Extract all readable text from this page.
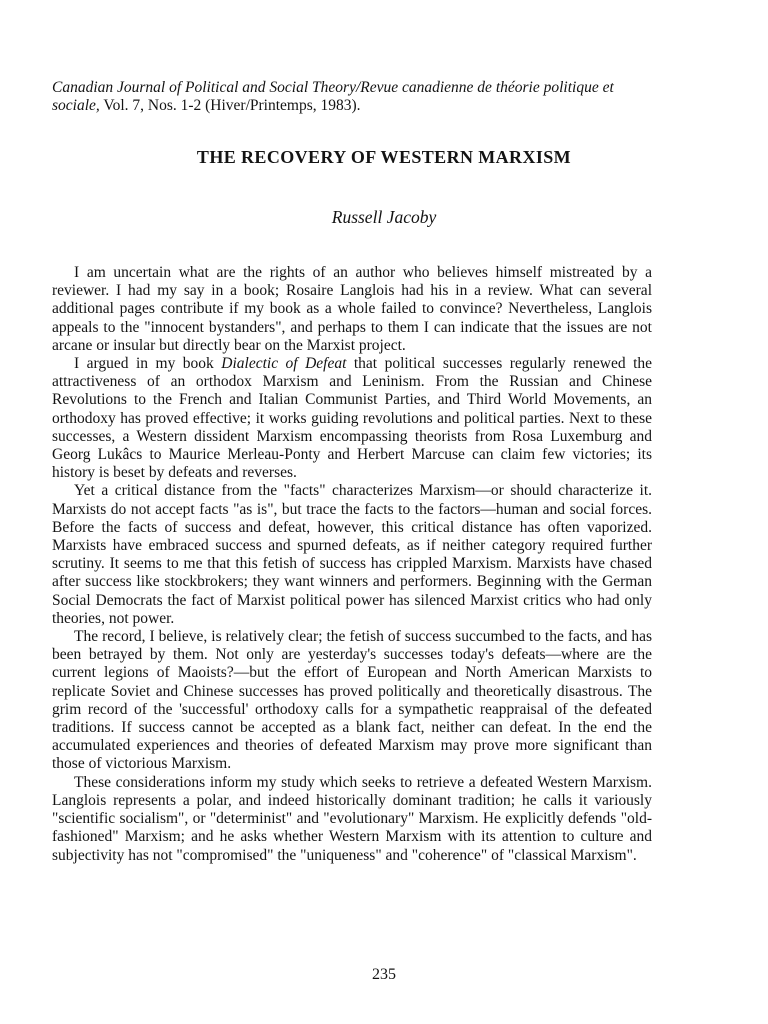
Canadian Journal of Political and Social Theory/Revue canadienne de théorie politique et sociale, Vol. 7, Nos. 1-2 (Hiver/Printemps, 1983).

THE RECOVERY OF WESTERN MARXISM

Russell Jacoby

I am uncertain what are the rights of an author who believes himself mistreated by a reviewer. I had my say in a book; Rosaire Langlois had his in a review. What can several additional pages contribute if my book as a whole failed to convince? Nevertheless, Langlois appeals to the "innocent bystanders", and perhaps to them I can indicate that the issues are not arcane or insular but directly bear on the Marxist project.

I argued in my book Dialectic of Defeat that political successes regularly renewed the attractiveness of an orthodox Marxism and Leninism. From the Russian and Chinese Revolutions to the French and Italian Communist Parties, and Third World Movements, an orthodoxy has proved effective; it works guiding revolutions and political parties. Next to these successes, a Western dissident Marxism encompassing theorists from Rosa Luxemburg and Georg Lukâcs to Maurice Merleau-Ponty and Herbert Marcuse can claim few victories; its history is beset by defeats and reverses.

Yet a critical distance from the "facts" characterizes Marxism—or should characterize it. Marxists do not accept facts "as is", but trace the facts to the factors—human and social forces. Before the facts of success and defeat, however, this critical distance has often vaporized. Marxists have embraced success and spurned defeats, as if neither category required further scrutiny. It seems to me that this fetish of success has crippled Marxism. Marxists have chased after success like stockbrokers; they want winners and performers. Beginning with the German Social Democrats the fact of Marxist political power has silenced Marxist critics who had only theories, not power.

The record, I believe, is relatively clear; the fetish of success succumbed to the facts, and has been betrayed by them. Not only are yesterday's successes today's defeats—where are the current legions of Maoists?—but the effort of European and North American Marxists to replicate Soviet and Chinese successes has proved politically and theoretically disastrous. The grim record of the 'successful' orthodoxy calls for a sympathetic reappraisal of the defeated traditions. If success cannot be accepted as a blank fact, neither can defeat. In the end the accumulated experiences and theories of defeated Marxism may prove more significant than those of victorious Marxism.

These considerations inform my study which seeks to retrieve a defeated Western Marxism. Langlois represents a polar, and indeed historically dominant tradition; he calls it variously "scientific socialism", or "determinist" and "evolutionary" Marxism. He explicitly defends "old-fashioned" Marxism; and he asks whether Western Marxism with its attention to culture and subjectivity has not "compromised" the "uniqueness" and "coherence" of "classical Marxism".

235
